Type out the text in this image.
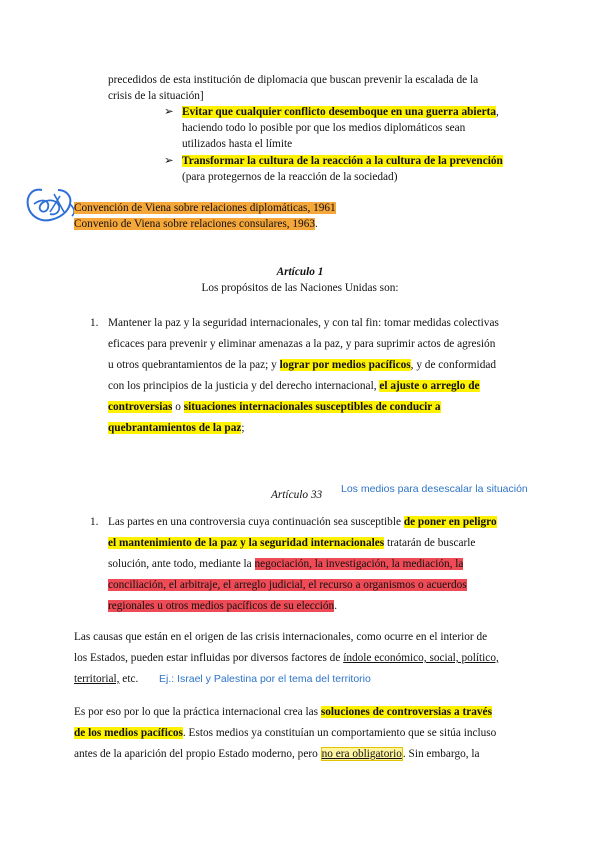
precedidos de esta institución de diplomacia que buscan prevenir la escalada de la
crisis de la situación]
➢ Evitar que cualquier conflicto desemboque en una guerra abierta,
haciendo todo lo posible por que los medios diplomáticos sean
utilizados hasta el límite
➢ Transformar la cultura de la reacción a la cultura de la prevención
(para protegernos de la reacción de la sociedad)
Convención de Viena sobre relaciones diplomáticas, 1961
Convenio de Viena sobre relaciones consulares, 1963.
Artículo 1
Los propósitos de las Naciones Unidas son:
1. Mantener la paz y la seguridad internacionales, y con tal fin: tomar medidas colectivas
eficaces para prevenir y eliminar amenazas a la paz, y para suprimir actos de agresión
u otros quebrantamientos de la paz; y lograr por medios pacíficos, y de conformidad
con los principios de la justicia y del derecho internacional, el ajuste o arreglo de
controversias o situaciones internacionales susceptibles de conducir a
quebrantamientos de la paz;
Artículo 33 Los medios para desescalar la situación
1. Las partes en una controversia cuya continuación sea susceptible de poner en peligro
el mantenimiento de la paz y la seguridad internacionales tratarán de buscarle
solución, ante todo, mediante la negociación, la investigación, la mediación, la
conciliación, el arbitraje, el arreglo judicial, el recurso a organismos o acuerdos
regionales u otros medios pacíficos de su elección.
Las causas que están en el origen de las crisis internacionales, como ocurre en el interior de
los Estados, pueden estar influidas por diversos factores de índole económico, social, político,
territorial, etc.	Ej.: Israel y Palestina por el tema del territorio
Es por eso por lo que la práctica internacional crea las soluciones de controversias a través
de los medios pacíficos. Estos medios ya constituían un comportamiento que se sitúa incluso
antes de la aparición del propio Estado moderno, pero no era obligatorio. Sin embargo, la
